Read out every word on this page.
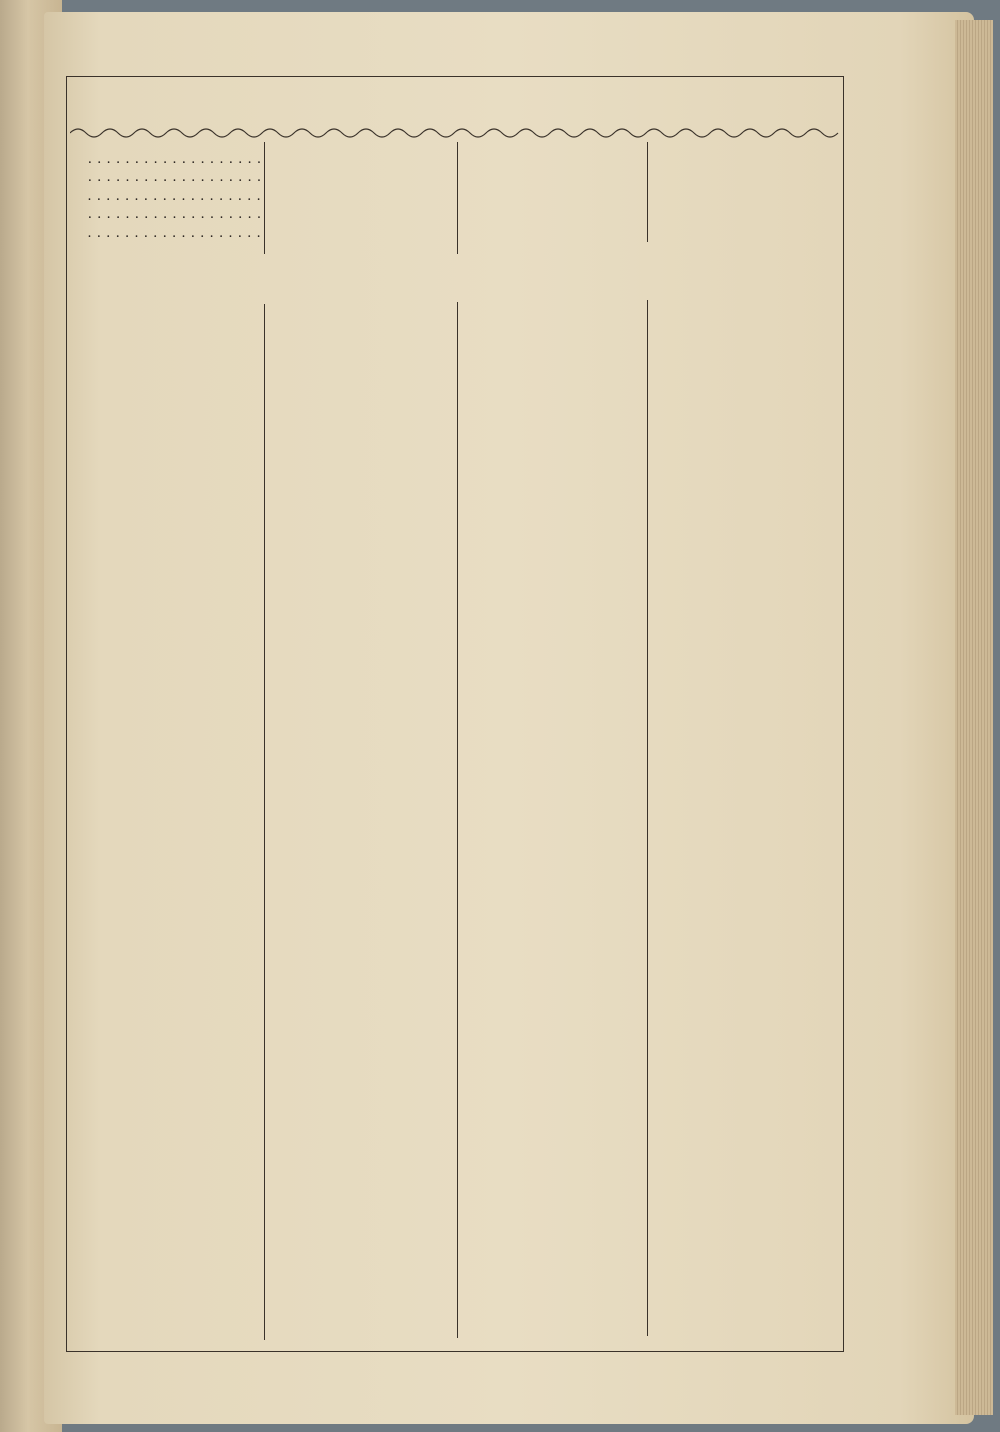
. . .
. . .
. . .
. . .
. . .
